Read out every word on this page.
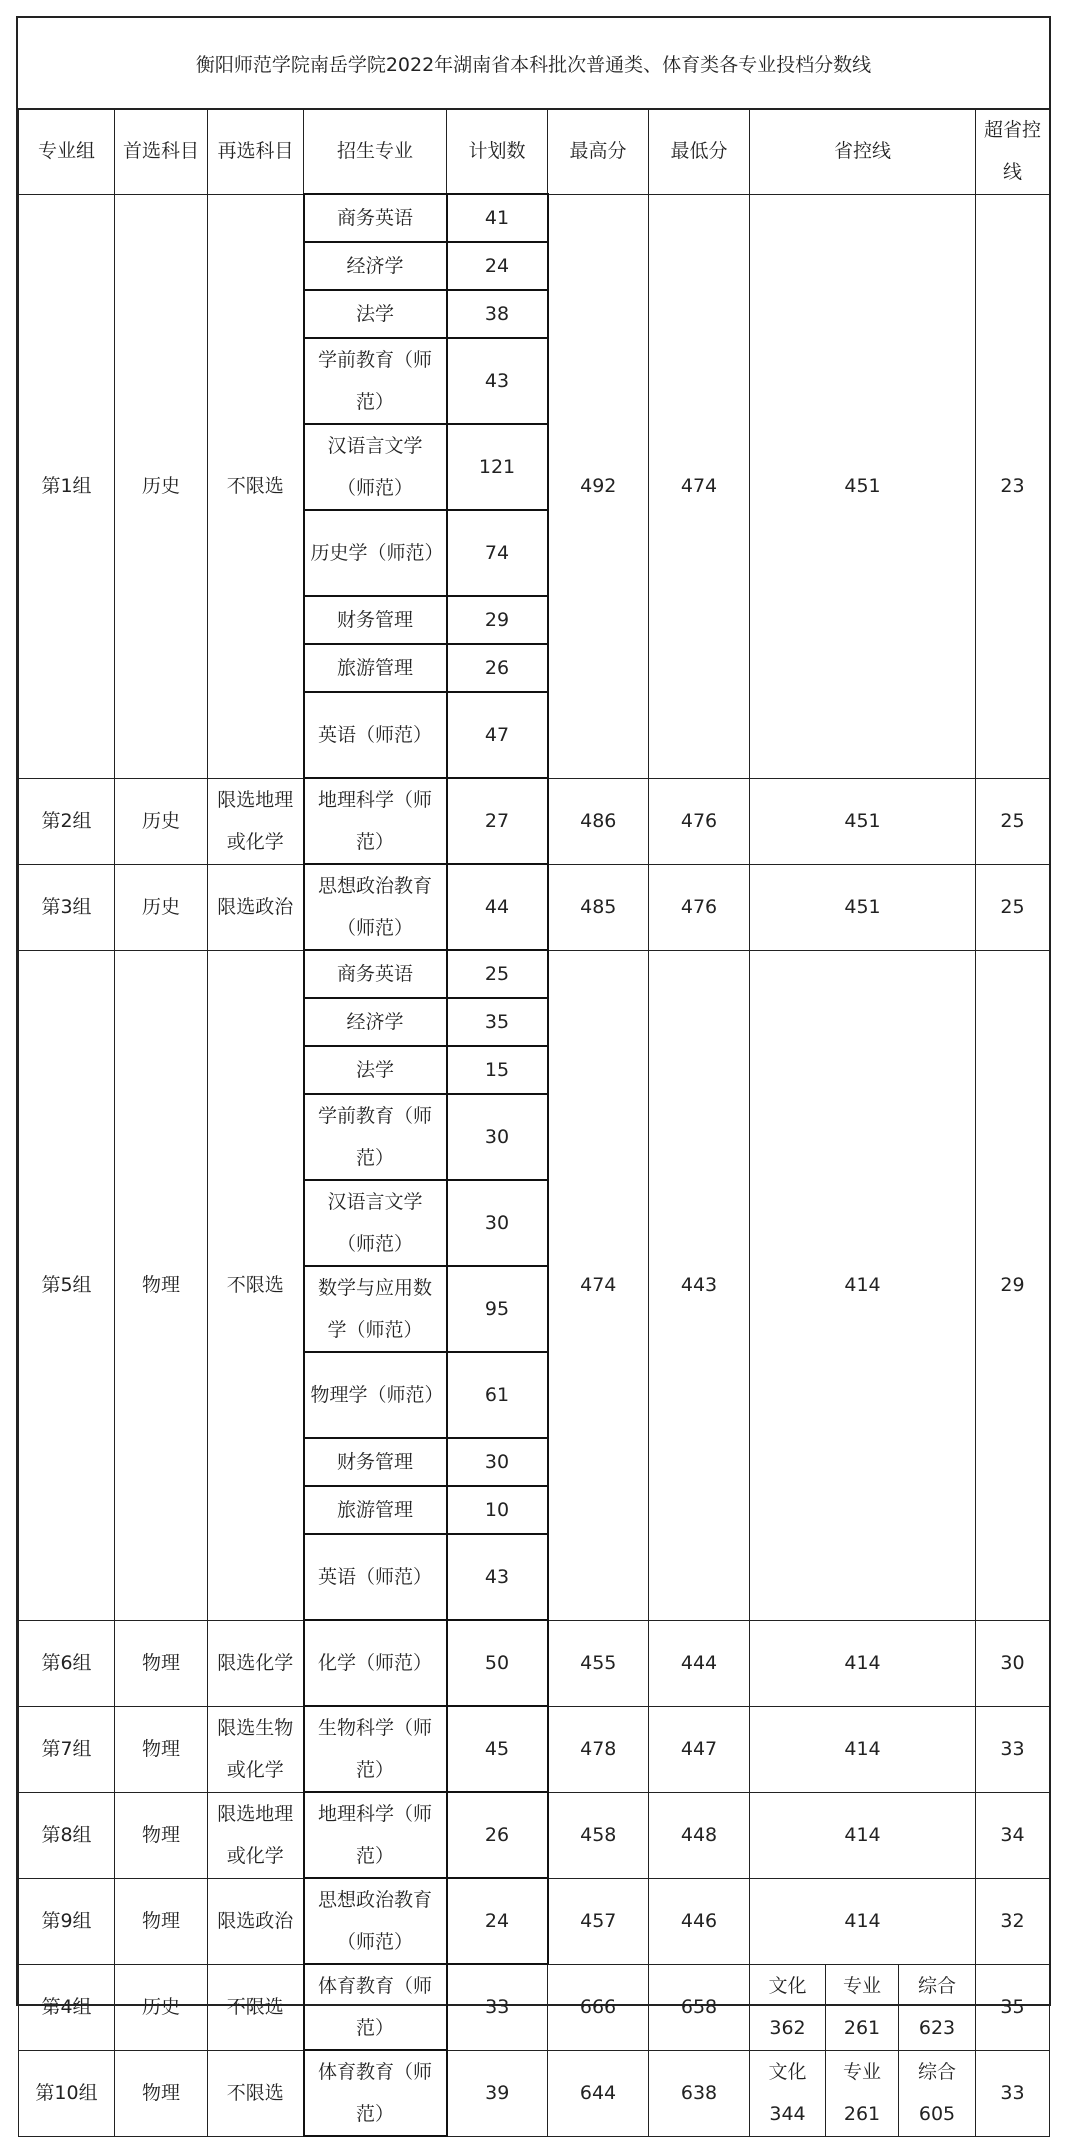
衡阳师范学院南岳学院2022年湖南省本科批次普通类、体育类各专业投档分数线
专业组	首选科目	再选科目	招生专业	计划数	最高分	最低分	省控线			超省控线
第1组	历史	不限选	商务英语	41	492	474	451			23
			经济学	24						
			法学	38						
			学前教育（师范）	43						
			汉语言文学（师范）	121						
			历史学（师范）	74						
			财务管理	29						
			旅游管理	26						
			英语（师范）	47						
第2组	历史	限选地理或化学	地理科学（师范）	27	486	476	451			25
第3组	历史	限选政治	思想政治教育（师范）	44	485	476	451			25
第5组	物理	不限选	商务英语	25	474	443	414			29
			经济学	35						
			法学	15						
			学前教育（师范）	30						
			汉语言文学（师范）	30						
			数学与应用数学（师范）	95						
			物理学（师范）	61						
			财务管理	30						
			旅游管理	10						
			英语（师范）	43						
第6组	物理	限选化学	化学（师范）	50	455	444	414			30
第7组	物理	限选生物或化学	生物科学（师范）	45	478	447	414			33
第8组	物理	限选地理或化学	地理科学（师范）	26	458	448	414			34
第9组	物理	限选政治	思想政治教育（师范）	24	457	446	414			32
第4组	历史	不限选	体育教育（师范）	33	666	658	文化362	专业261	综合623	35
第10组	物理	不限选	体育教育（师范）	39	644	638	文化344	专业261	综合605	33
